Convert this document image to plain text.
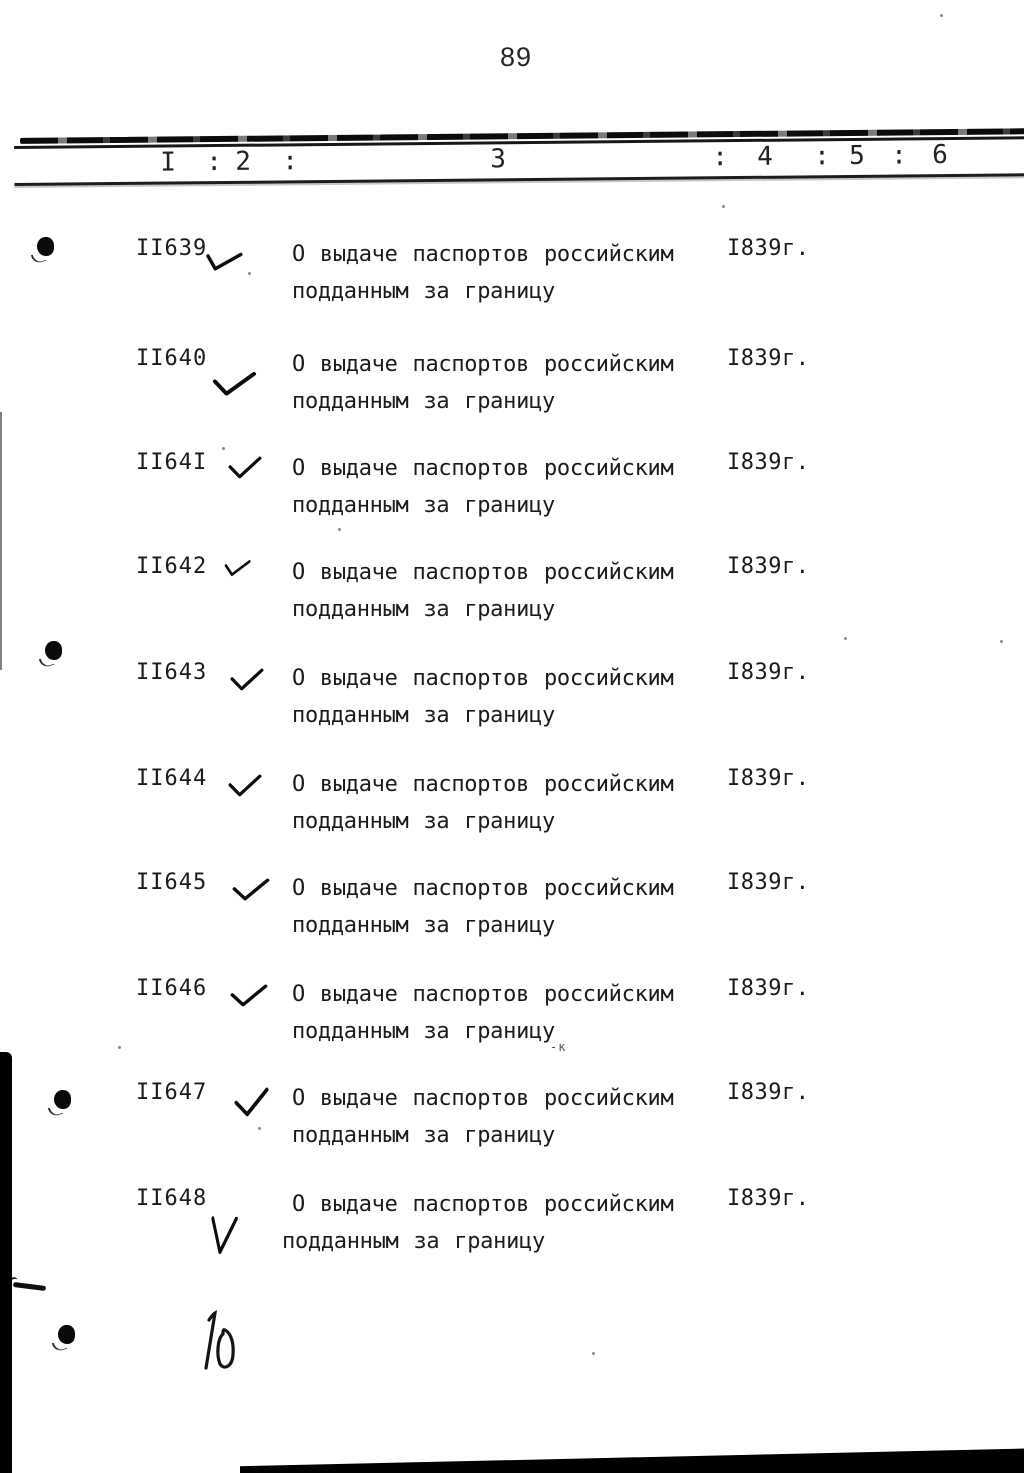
89
I : 2 :	3	: 4 : 5 : 6
II639	О выдаче паспортов российским
подданным за границу
I839г.
II640	О выдаче паспортов российским
подданным за границу
I839г.
II64I	О выдаче паспортов российским
подданным за границу
I839г.
II642	О выдаче паспортов российским
подданным за границу
I839г.
II643	О выдаче паспортов российским
подданным за границу
I839г.
II644	О выдаче паспортов российским
подданным за границу
I839г.
II645	О выдаче паспортов российским
подданным за границу
I839г.
II646	О выдаче паспортов российским
подданным за границу
I839г.
II647	О выдаче паспортов российским
подданным за границу
I839г.
II648	О выдаче паспортов российским
подданным за границу
I839г.
-к
